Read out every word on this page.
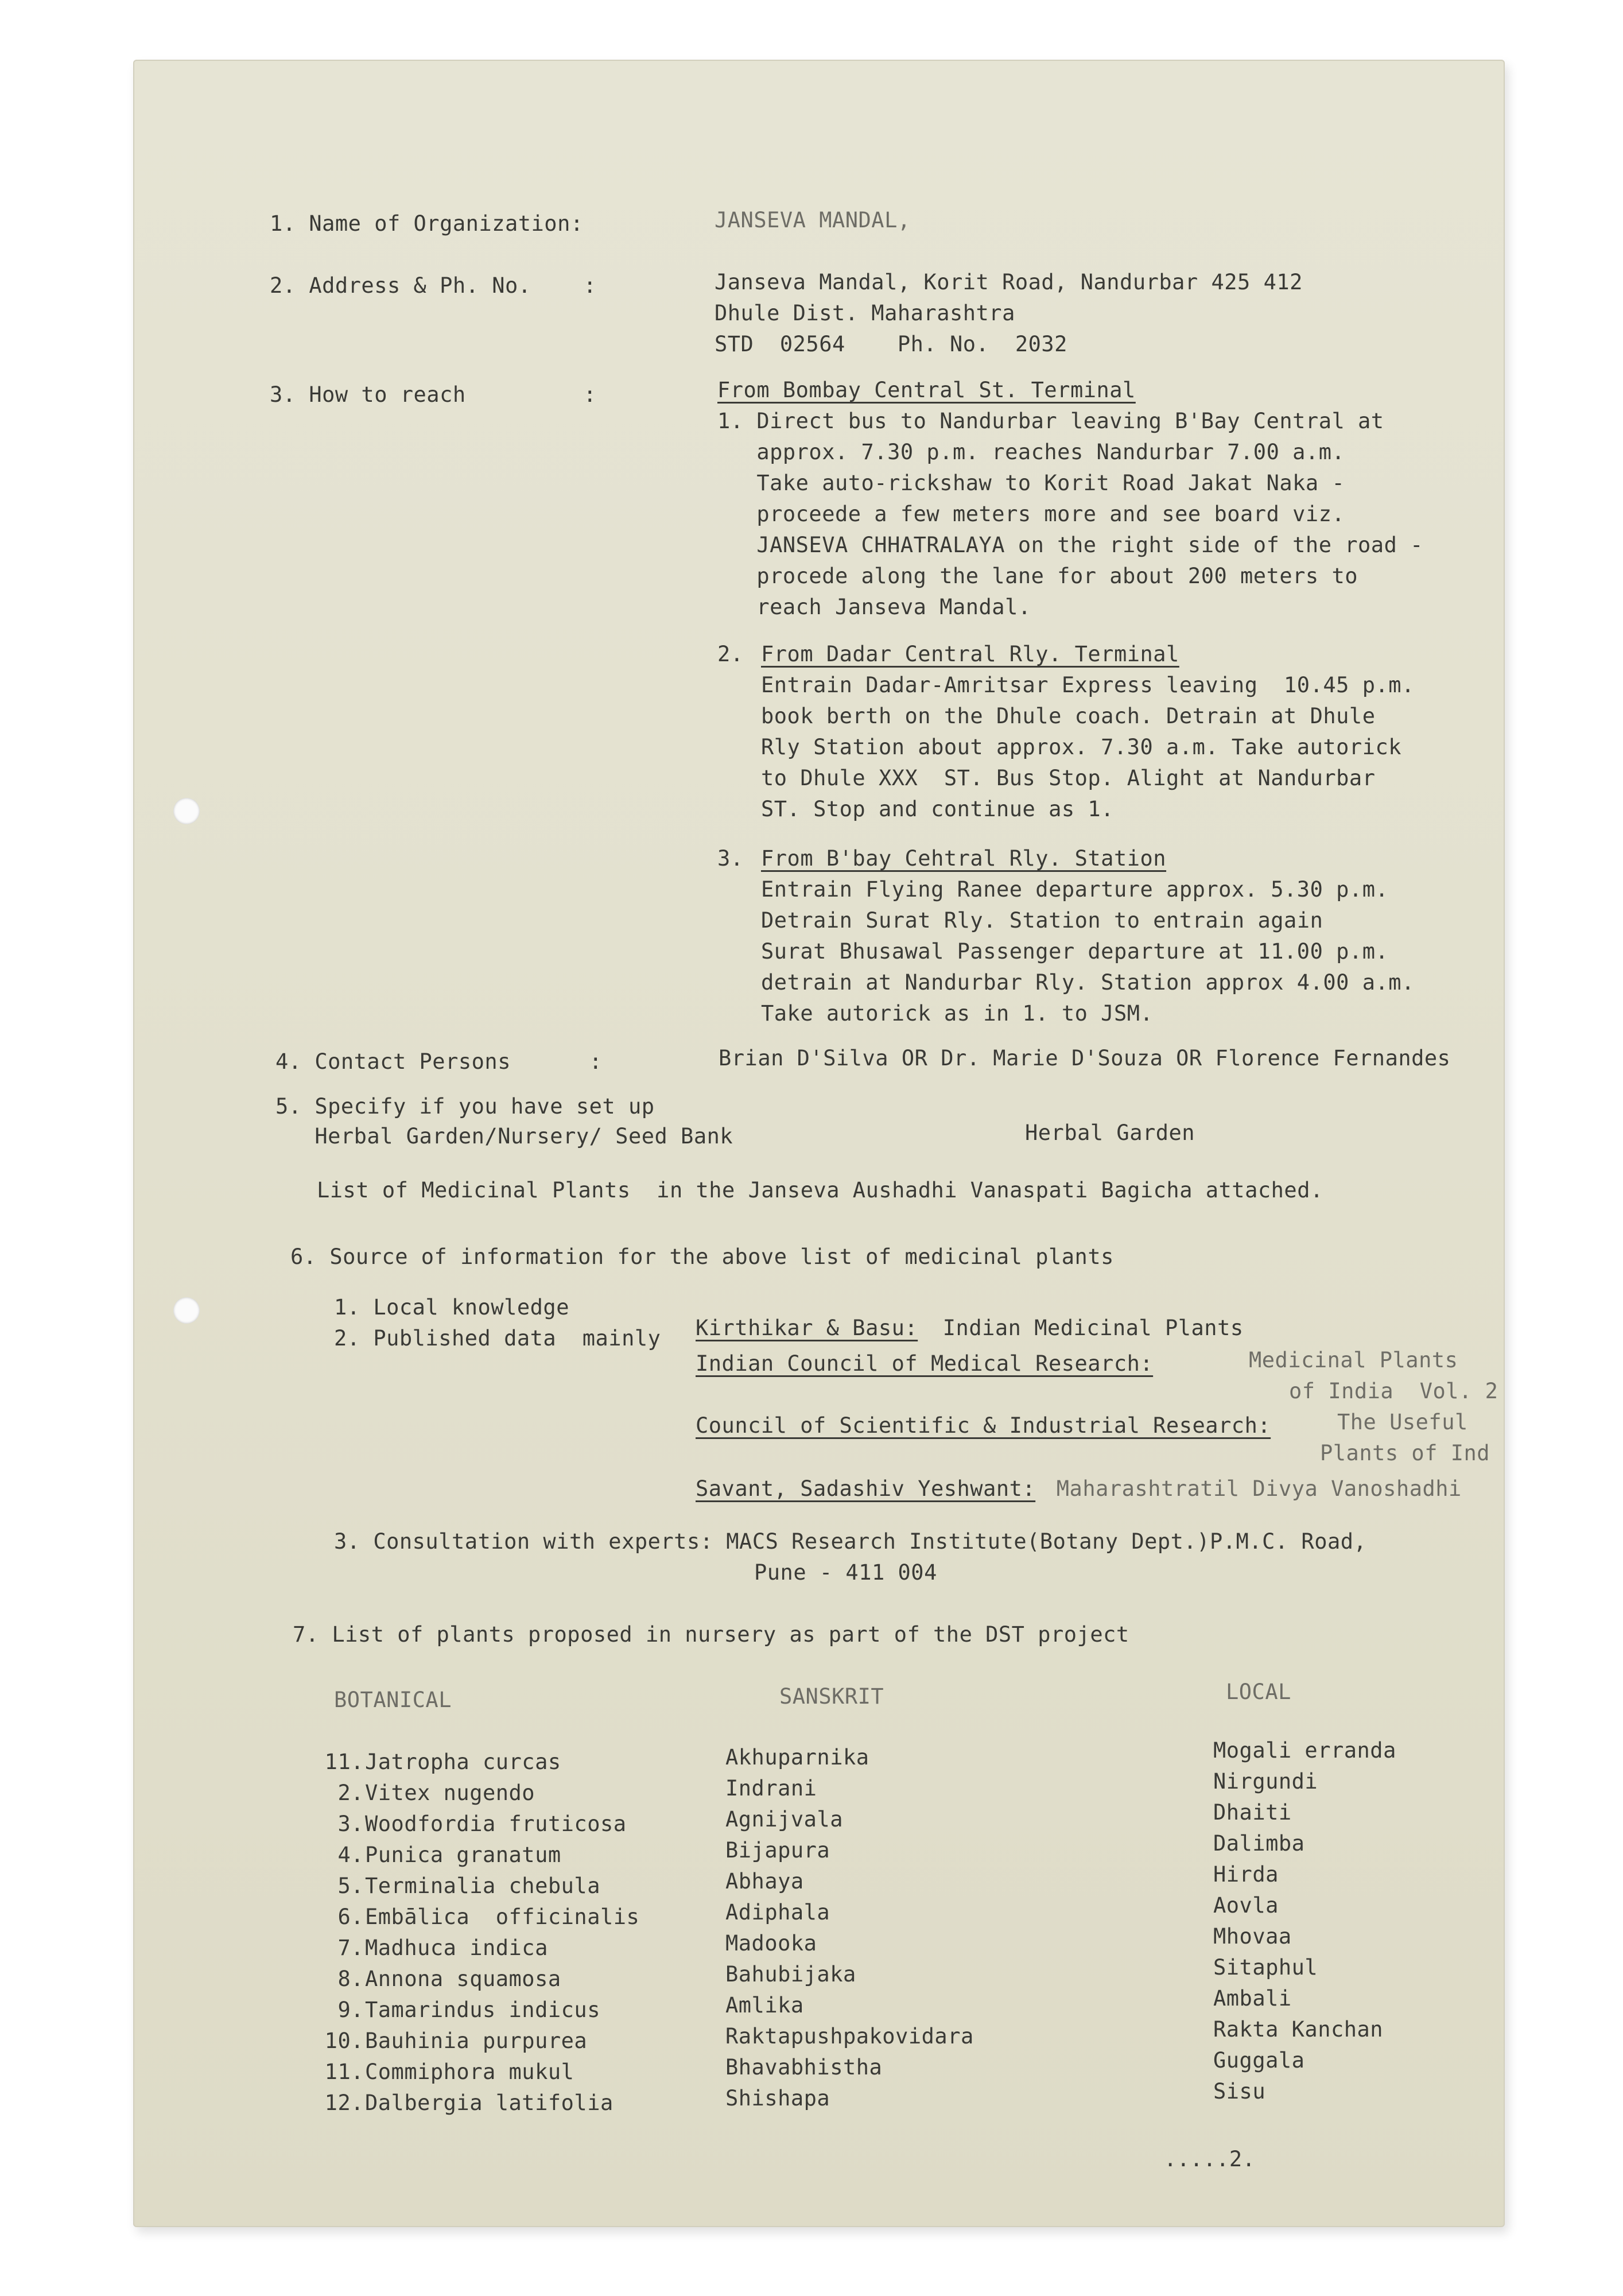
1. Name of Organization:	JANSEVA MANDAL,
2. Address & Ph. No.    :	Janseva Mandal, Korit Road, Nandurbar 425 412
Dhule Dist. Maharashtra
STD  02564    Ph. No.  2032
3. How to reach         :	From Bombay Central St. Terminal
1. Direct bus to Nandurbar leaving B'Bay Central at
approx. 7.30 p.m. reaches Nandurbar 7.00 a.m.
Take auto-rickshaw to Korit Road Jakat Naka -
proceede a few meters more and see board viz.
JANSEVA CHHATRALAYA on the right side of the road -
procede along the lane for about 200 meters to
reach Janseva Mandal.
2. From Dadar Central Rly. Terminal
Entrain Dadar-Amritsar Express leaving  10.45 p.m.
book berth on the Dhule coach. Detrain at Dhule
Rly Station about approx. 7.30 a.m. Take autorick
to Dhule XXX  ST. Bus Stop. Alight at Nandurbar
ST. Stop and continue as 1.
3. From B'bay Cehtral Rly. Station
Entrain Flying Ranee departure approx. 5.30 p.m.
Detrain Surat Rly. Station to entrain again
Surat Bhusawal Passenger departure at 11.00 p.m.
detrain at Nandurbar Rly. Station approx 4.00 a.m.
Take autorick as in 1. to JSM.
4. Contact Persons      :	Brian D'Silva OR Dr. Marie D'Souza OR Florence Fernandes
5. Specify if you have set up
Herbal Garden/Nursery/ Seed Bank	Herbal Garden
List of Medicinal Plants  in the Janseva Aushadhi Vanaspati Bagicha attached.
6. Source of information for the above list of medicinal plants
1. Local knowledge
2. Published data  mainly Kirthikar & Basu: Indian Medicinal Plants
Indian Council of Medical Research:	Medicinal Plants
of India  Vol. 2
Council of Scientific & Industrial Research:	The Useful
Plants of Ind
Savant, Sadashiv Yeshwant: Maharashtratil Divya Vanoshadhi
3. Consultation with experts: MACS Research Institute(Botany Dept.)P.M.C. Road,
Pune - 411 004
7. List of plants proposed in nursery as part of the DST project
BOTANICAL	SANSKRIT	LOCAL
11. Jatropha curcas	Akhuparnika	Mogali erranda
2. Vitex nugendo	Indrani	Nirgundi
3. Woodfordia fruticosa	Agnijvala	Dhaiti
4. Punica granatum	Bijapura	Dalimba
5. Terminalia chebula	Abhaya	Hirda
6. Embālica  officinalis	Adiphala	Aovla
7. Madhuca indica	Madooka	Mhovaa
8. Annona squamosa	Bahubijaka	Sitaphul
9. Tamarindus indicus	Amlika	Ambali
10. Bauhinia purpurea	Raktapushpakovidara	Rakta Kanchan
11. Commiphora mukul	Bhavabhistha	Guggala
12. Dalbergia latifolia	Shishapa	Sisu
.....2.
